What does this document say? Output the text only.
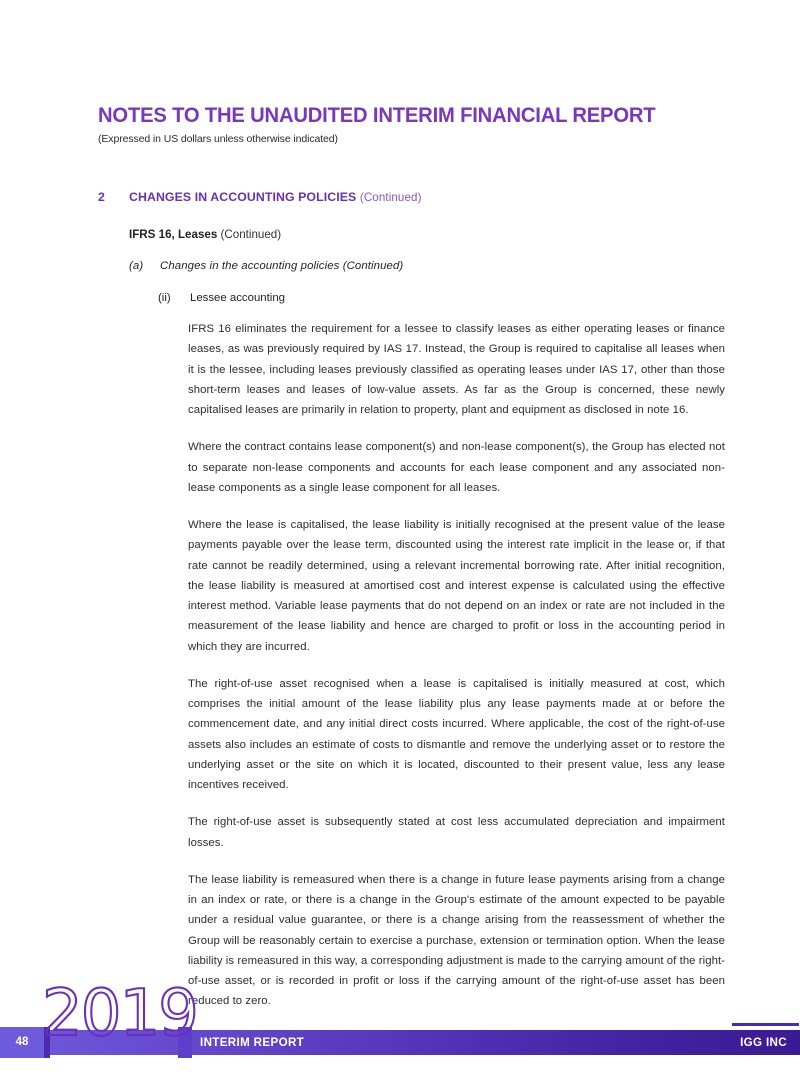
NOTES TO THE UNAUDITED INTERIM FINANCIAL REPORT
(Expressed in US dollars unless otherwise indicated)
2 CHANGES IN ACCOUNTING POLICIES (Continued)
IFRS 16, Leases (Continued)
(a) Changes in the accounting policies (Continued)
(ii) Lessee accounting

IFRS 16 eliminates the requirement for a lessee to classify leases as either operating leases or finance leases, as was previously required by IAS 17. Instead, the Group is required to capitalise all leases when it is the lessee, including leases previously classified as operating leases under IAS 17, other than those short-term leases and leases of low-value assets. As far as the Group is concerned, these newly capitalised leases are primarily in relation to property, plant and equipment as disclosed in note 16.

Where the contract contains lease component(s) and non-lease component(s), the Group has elected not to separate non-lease components and accounts for each lease component and any associated non-lease components as a single lease component for all leases.

Where the lease is capitalised, the lease liability is initially recognised at the present value of the lease payments payable over the lease term, discounted using the interest rate implicit in the lease or, if that rate cannot be readily determined, using a relevant incremental borrowing rate. After initial recognition, the lease liability is measured at amortised cost and interest expense is calculated using the effective interest method. Variable lease payments that do not depend on an index or rate are not included in the measurement of the lease liability and hence are charged to profit or loss in the accounting period in which they are incurred.

The right-of-use asset recognised when a lease is capitalised is initially measured at cost, which comprises the initial amount of the lease liability plus any lease payments made at or before the commencement date, and any initial direct costs incurred. Where applicable, the cost of the right-of-use assets also includes an estimate of costs to dismantle and remove the underlying asset or to restore the underlying asset or the site on which it is located, discounted to their present value, less any lease incentives received.

The right-of-use asset is subsequently stated at cost less accumulated depreciation and impairment losses.

The lease liability is remeasured when there is a change in future lease payments arising from a change in an index or rate, or there is a change in the Group's estimate of the amount expected to be payable under a residual value guarantee, or there is a change arising from the reassessment of whether the Group will be reasonably certain to exercise a purchase, extension or termination option. When the lease liability is remeasured in this way, a corresponding adjustment is made to the carrying amount of the right-of-use asset, or is recorded in profit or loss if the carrying amount of the right-of-use asset has been reduced to zero.

48	INTERIM REPORT	IGG INC
2019
